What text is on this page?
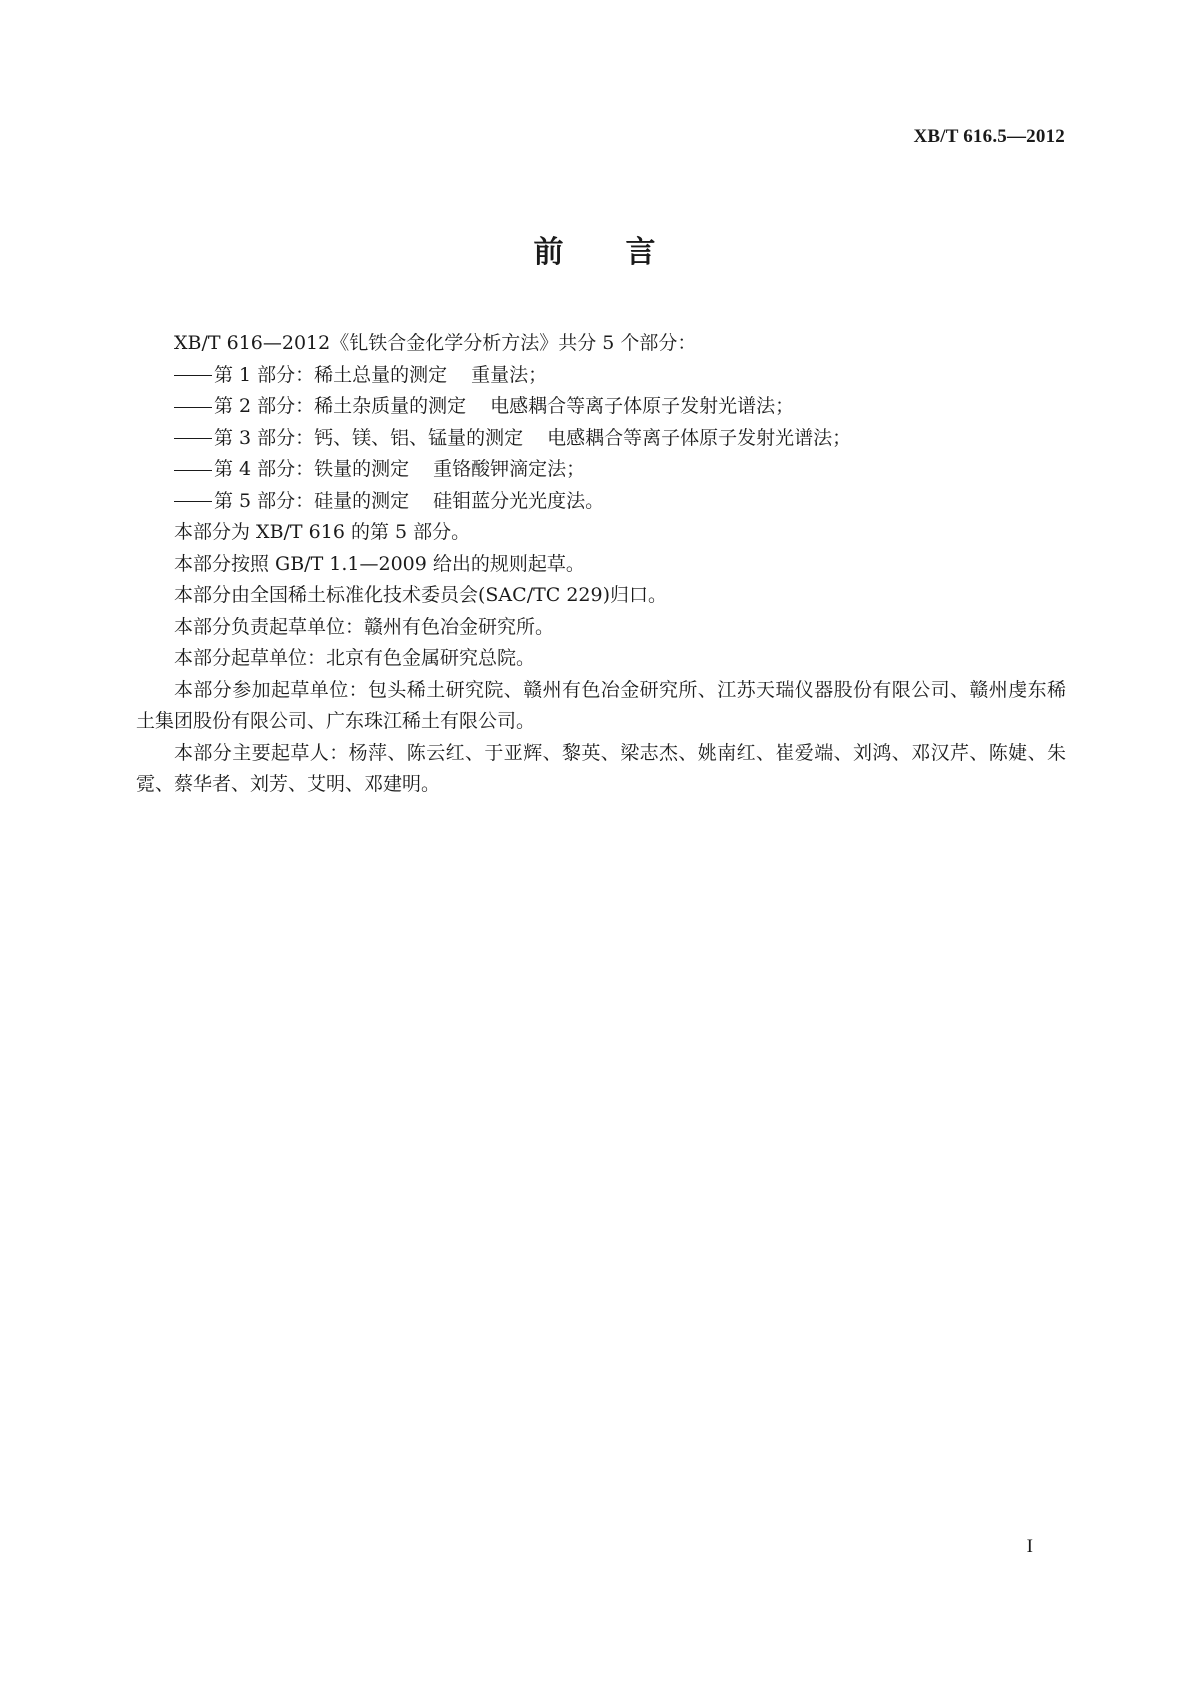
XB/T 616.5—2012
前 言

XB/T 616—2012《钆铁合金化学分析方法》共分 5 个部分：

第 1 部分：稀土总量的测定 重量法；

第 2 部分：稀土杂质量的测定 电感耦合等离子体原子发射光谱法；

第 3 部分：钙、镁、铝、锰量的测定 电感耦合等离子体原子发射光谱法；

第 4 部分：铁量的测定 重铬酸钾滴定法；

第 5 部分：硅量的测定 硅钼蓝分光光度法。

本部分为 XB/T 616 的第 5 部分。

本部分按照 GB/T 1.1—2009 给出的规则起草。

本部分由全国稀土标准化技术委员会(SAC/TC 229)归口。

本部分负责起草单位：赣州有色冶金研究所。

本部分起草单位：北京有色金属研究总院。

本部分参加起草单位：包头稀土研究院、赣州有色冶金研究所、江苏天瑞仪器股份有限公司、赣州虔东稀土集团股份有限公司、广东珠江稀土有限公司。

本部分主要起草人：杨萍、陈云红、于亚辉、黎英、梁志杰、姚南红、崔爱端、刘鸿、邓汉芹、陈婕、朱霓、蔡华者、刘芳、艾明、邓建明。

I
